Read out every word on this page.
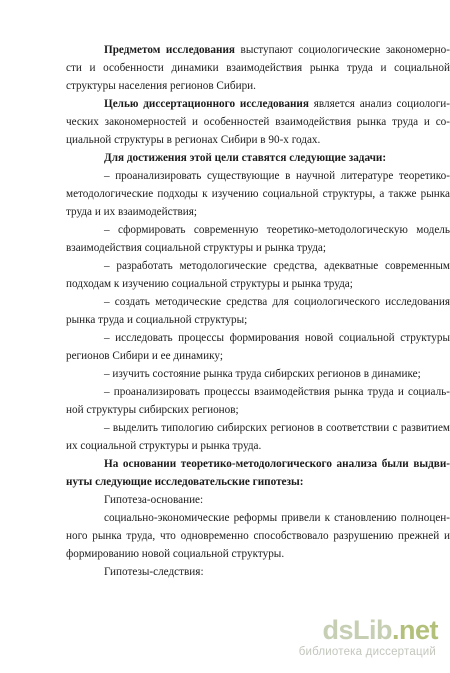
Предметом исследования выступают социологические закономерно-
сти и особенности динамики взаимодействия рынка труда и социальной
структуры населения регионов Сибири.
Целью диссертационного исследования является анализ социологи-
ческих закономерностей и особенностей взаимодействия рынка труда и со-
циальной структуры в регионах Сибири в 90-х годах.
Для достижения этой цели ставятся следующие задачи:
– проанализировать существующие в научной литературе теоретико-
методологические подходы к изучению социальной структуры, а также рынка
труда и их взаимодействия;
– сформировать современную теоретико-методологическую модель
взаимодействия социальной структуры и рынка труда;
– разработать методологические средства, адекватные современным
подходам к изучению социальной структуры и рынка труда;
– создать методические средства для социологического исследования
рынка труда и социальной структуры;
– исследовать процессы формирования новой социальной структуры
регионов Сибири и ее динамику;
– изучить состояние рынка труда сибирских регионов в динамике;
– проанализировать процессы взаимодействия рынка труда и социаль-
ной структуры сибирских регионов;
– выделить типологию сибирских регионов в соответствии с развитием
их социальной структуры и рынка труда.
На основании теоретико-методологического анализа были выдви-
нуты следующие исследовательские гипотезы:
Гипотеза-основание:
социально-экономические реформы привели к становлению полноцен-
ного рынка труда, что одновременно способствовало разрушению прежней и
формированию новой социальной структуры.
Гипотезы-следствия:
dsLib.net
библиотека диссертаций
